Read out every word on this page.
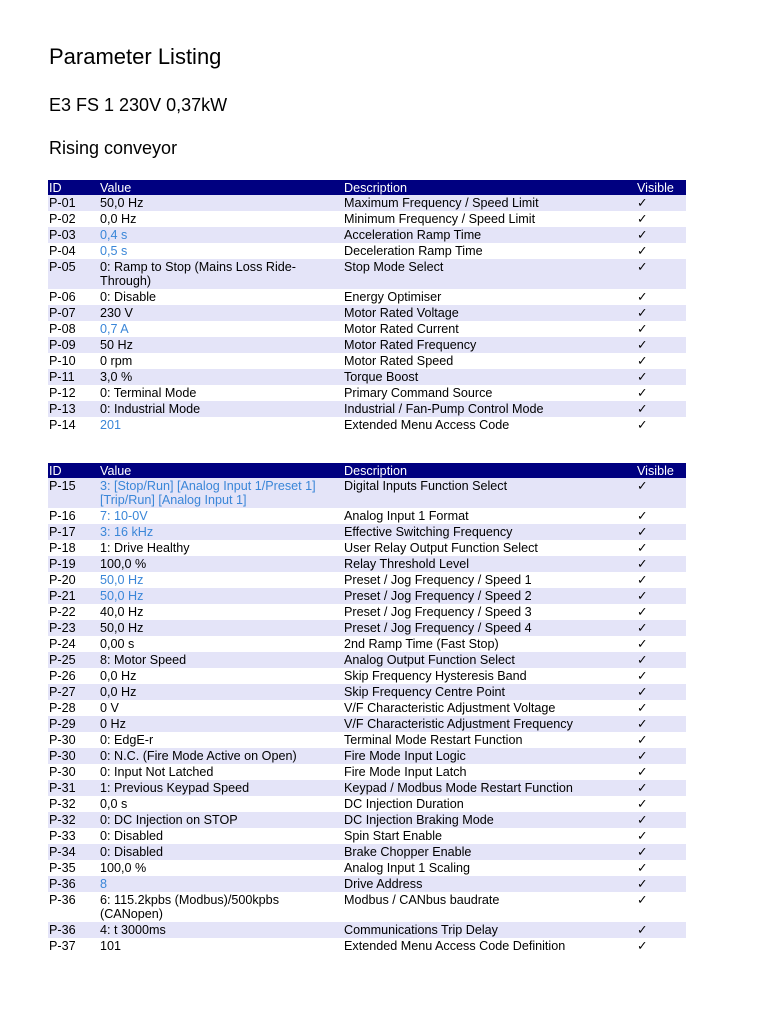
Parameter Listing
E3 FS 1 230V 0,37kW
Rising conveyor
ID	Value	Description	Visible
P-01	50,0 Hz	Maximum Frequency / Speed Limit	✓
P-02	0,0 Hz	Minimum Frequency / Speed Limit	✓
P-03	0,4 s	Acceleration Ramp Time	✓
P-04	0,5 s	Deceleration Ramp Time	✓
P-05	0: Ramp to Stop (Mains Loss Ride-Through)	Stop Mode Select	✓
P-06	0: Disable	Energy Optimiser	✓
P-07	230 V	Motor Rated Voltage	✓
P-08	0,7 A	Motor Rated Current	✓
P-09	50 Hz	Motor Rated Frequency	✓
P-10	0 rpm	Motor Rated Speed	✓
P-11	3,0 %	Torque Boost	✓
P-12	0: Terminal Mode	Primary Command Source	✓
P-13	0: Industrial Mode	Industrial / Fan-Pump Control Mode	✓
P-14	201	Extended Menu Access Code	✓
ID	Value	Description	Visible
P-15	3: [Stop/Run] [Analog Input 1/Preset 1] [Trip/Run] [Analog Input 1]	Digital Inputs Function Select	✓
P-16	7: 10-0V	Analog Input 1 Format	✓
P-17	3: 16 kHz	Effective Switching Frequency	✓
P-18	1: Drive Healthy	User Relay Output Function Select	✓
P-19	100,0 %	Relay Threshold Level	✓
P-20	50,0 Hz	Preset / Jog Frequency / Speed 1	✓
P-21	50,0 Hz	Preset / Jog Frequency / Speed 2	✓
P-22	40,0 Hz	Preset / Jog Frequency / Speed 3	✓
P-23	50,0 Hz	Preset / Jog Frequency / Speed 4	✓
P-24	0,00 s	2nd Ramp Time (Fast Stop)	✓
P-25	8: Motor Speed	Analog Output Function Select	✓
P-26	0,0 Hz	Skip Frequency Hysteresis Band	✓
P-27	0,0 Hz	Skip Frequency Centre Point	✓
P-28	0 V	V/F Characteristic Adjustment Voltage	✓
P-29	0 Hz	V/F Characteristic Adjustment Frequency	✓
P-30	0: EdgE-r	Terminal Mode Restart Function	✓
P-30	0: N.C. (Fire Mode Active on Open)	Fire Mode Input Logic	✓
P-30	0: Input Not Latched	Fire Mode Input Latch	✓
P-31	1: Previous Keypad Speed	Keypad / Modbus Mode Restart Function	✓
P-32	0,0 s	DC Injection Duration	✓
P-32	0: DC Injection on STOP	DC Injection Braking Mode	✓
P-33	0: Disabled	Spin Start Enable	✓
P-34	0: Disabled	Brake Chopper Enable	✓
P-35	100,0 %	Analog Input 1 Scaling	✓
P-36	8	Drive Address	✓
P-36	6: 115.2kpbs (Modbus)/500kpbs (CANopen)	Modbus / CANbus baudrate	✓
P-36	4: t 3000ms	Communications Trip Delay	✓
P-37	101	Extended Menu Access Code Definition	✓
